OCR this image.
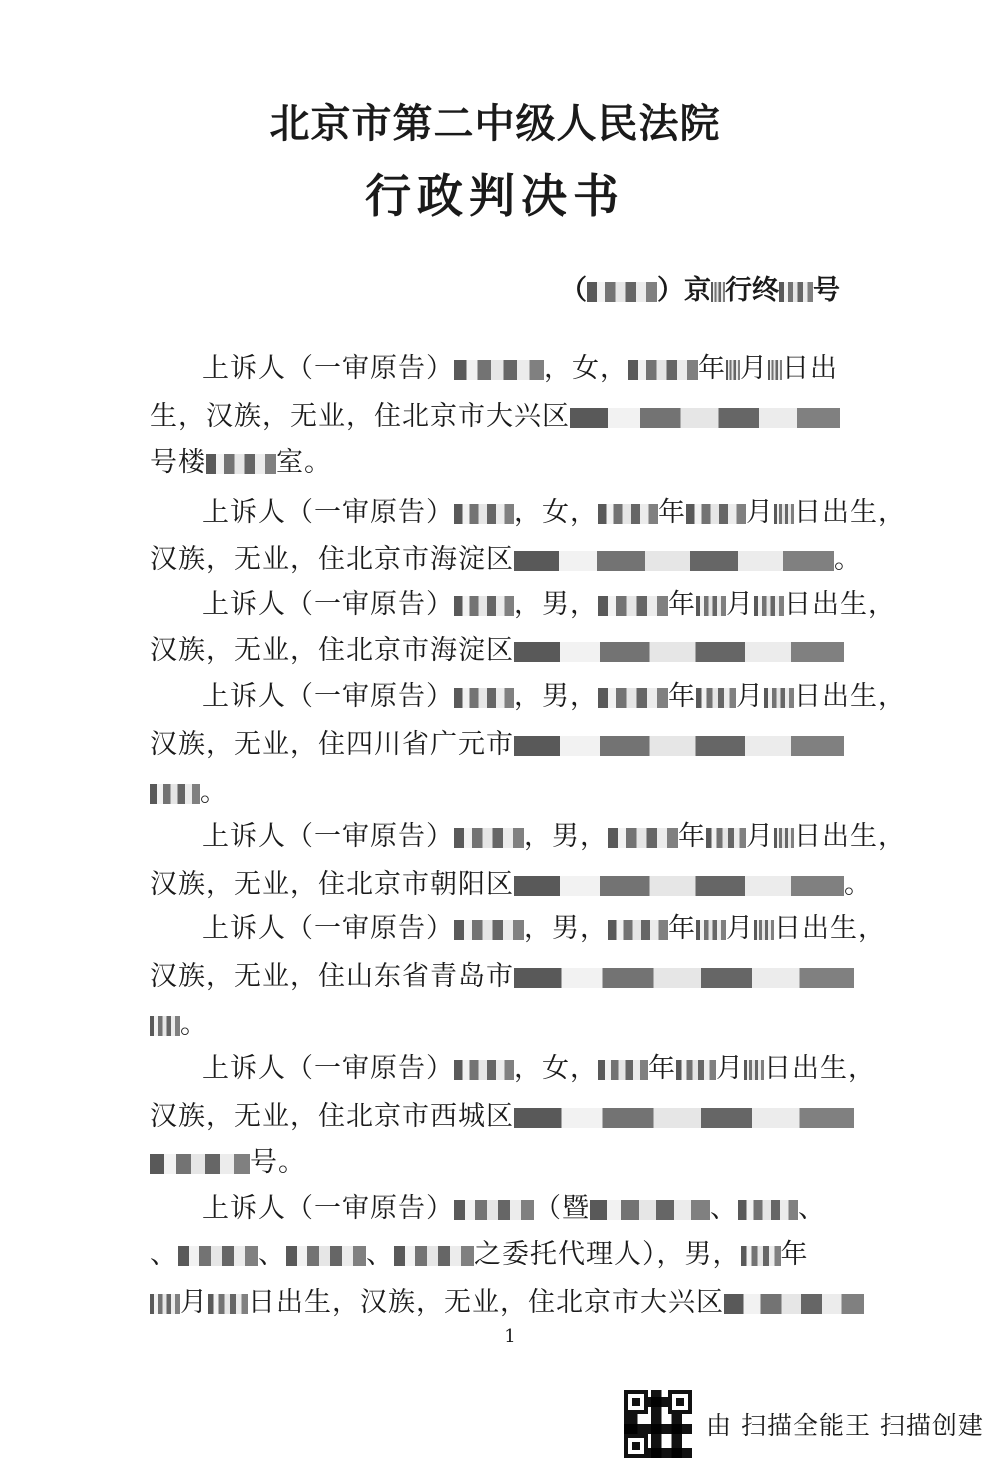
北京市第二中级人民法院
行政判决书
（	）京 行终 号
上诉人（一审原告）	，女，	年 月 日出
生，汉族，无业，住北京市大兴区
号楼	室。
上诉人（一审原告） ，女， 年 月 日出生，
汉族，无业，住北京市海淀区	。
上诉人（一审原告） ，男，	年 月 日出生，
汉族，无业，住北京市海淀区
上诉人（一审原告） ，男，	年 月 日出生，
汉族，无业，住四川省广元市
。
上诉人（一审原告）	，男，	年 月 日出生，
汉族，无业，住北京市朝阳区	。
上诉人（一审原告）	，男， 年 月 日出生，
汉族，无业，住山东省青岛市
。
上诉人（一审原告） ，女， 年 月 日出生，
汉族，无业，住北京市西城区
号。
上诉人（一审原告）	（暨	、 、
、	、	、	之委托代理人），男， 年
月 日出生，汉族，无业，住北京市大兴区
1
由 扫描全能王 扫描创建
